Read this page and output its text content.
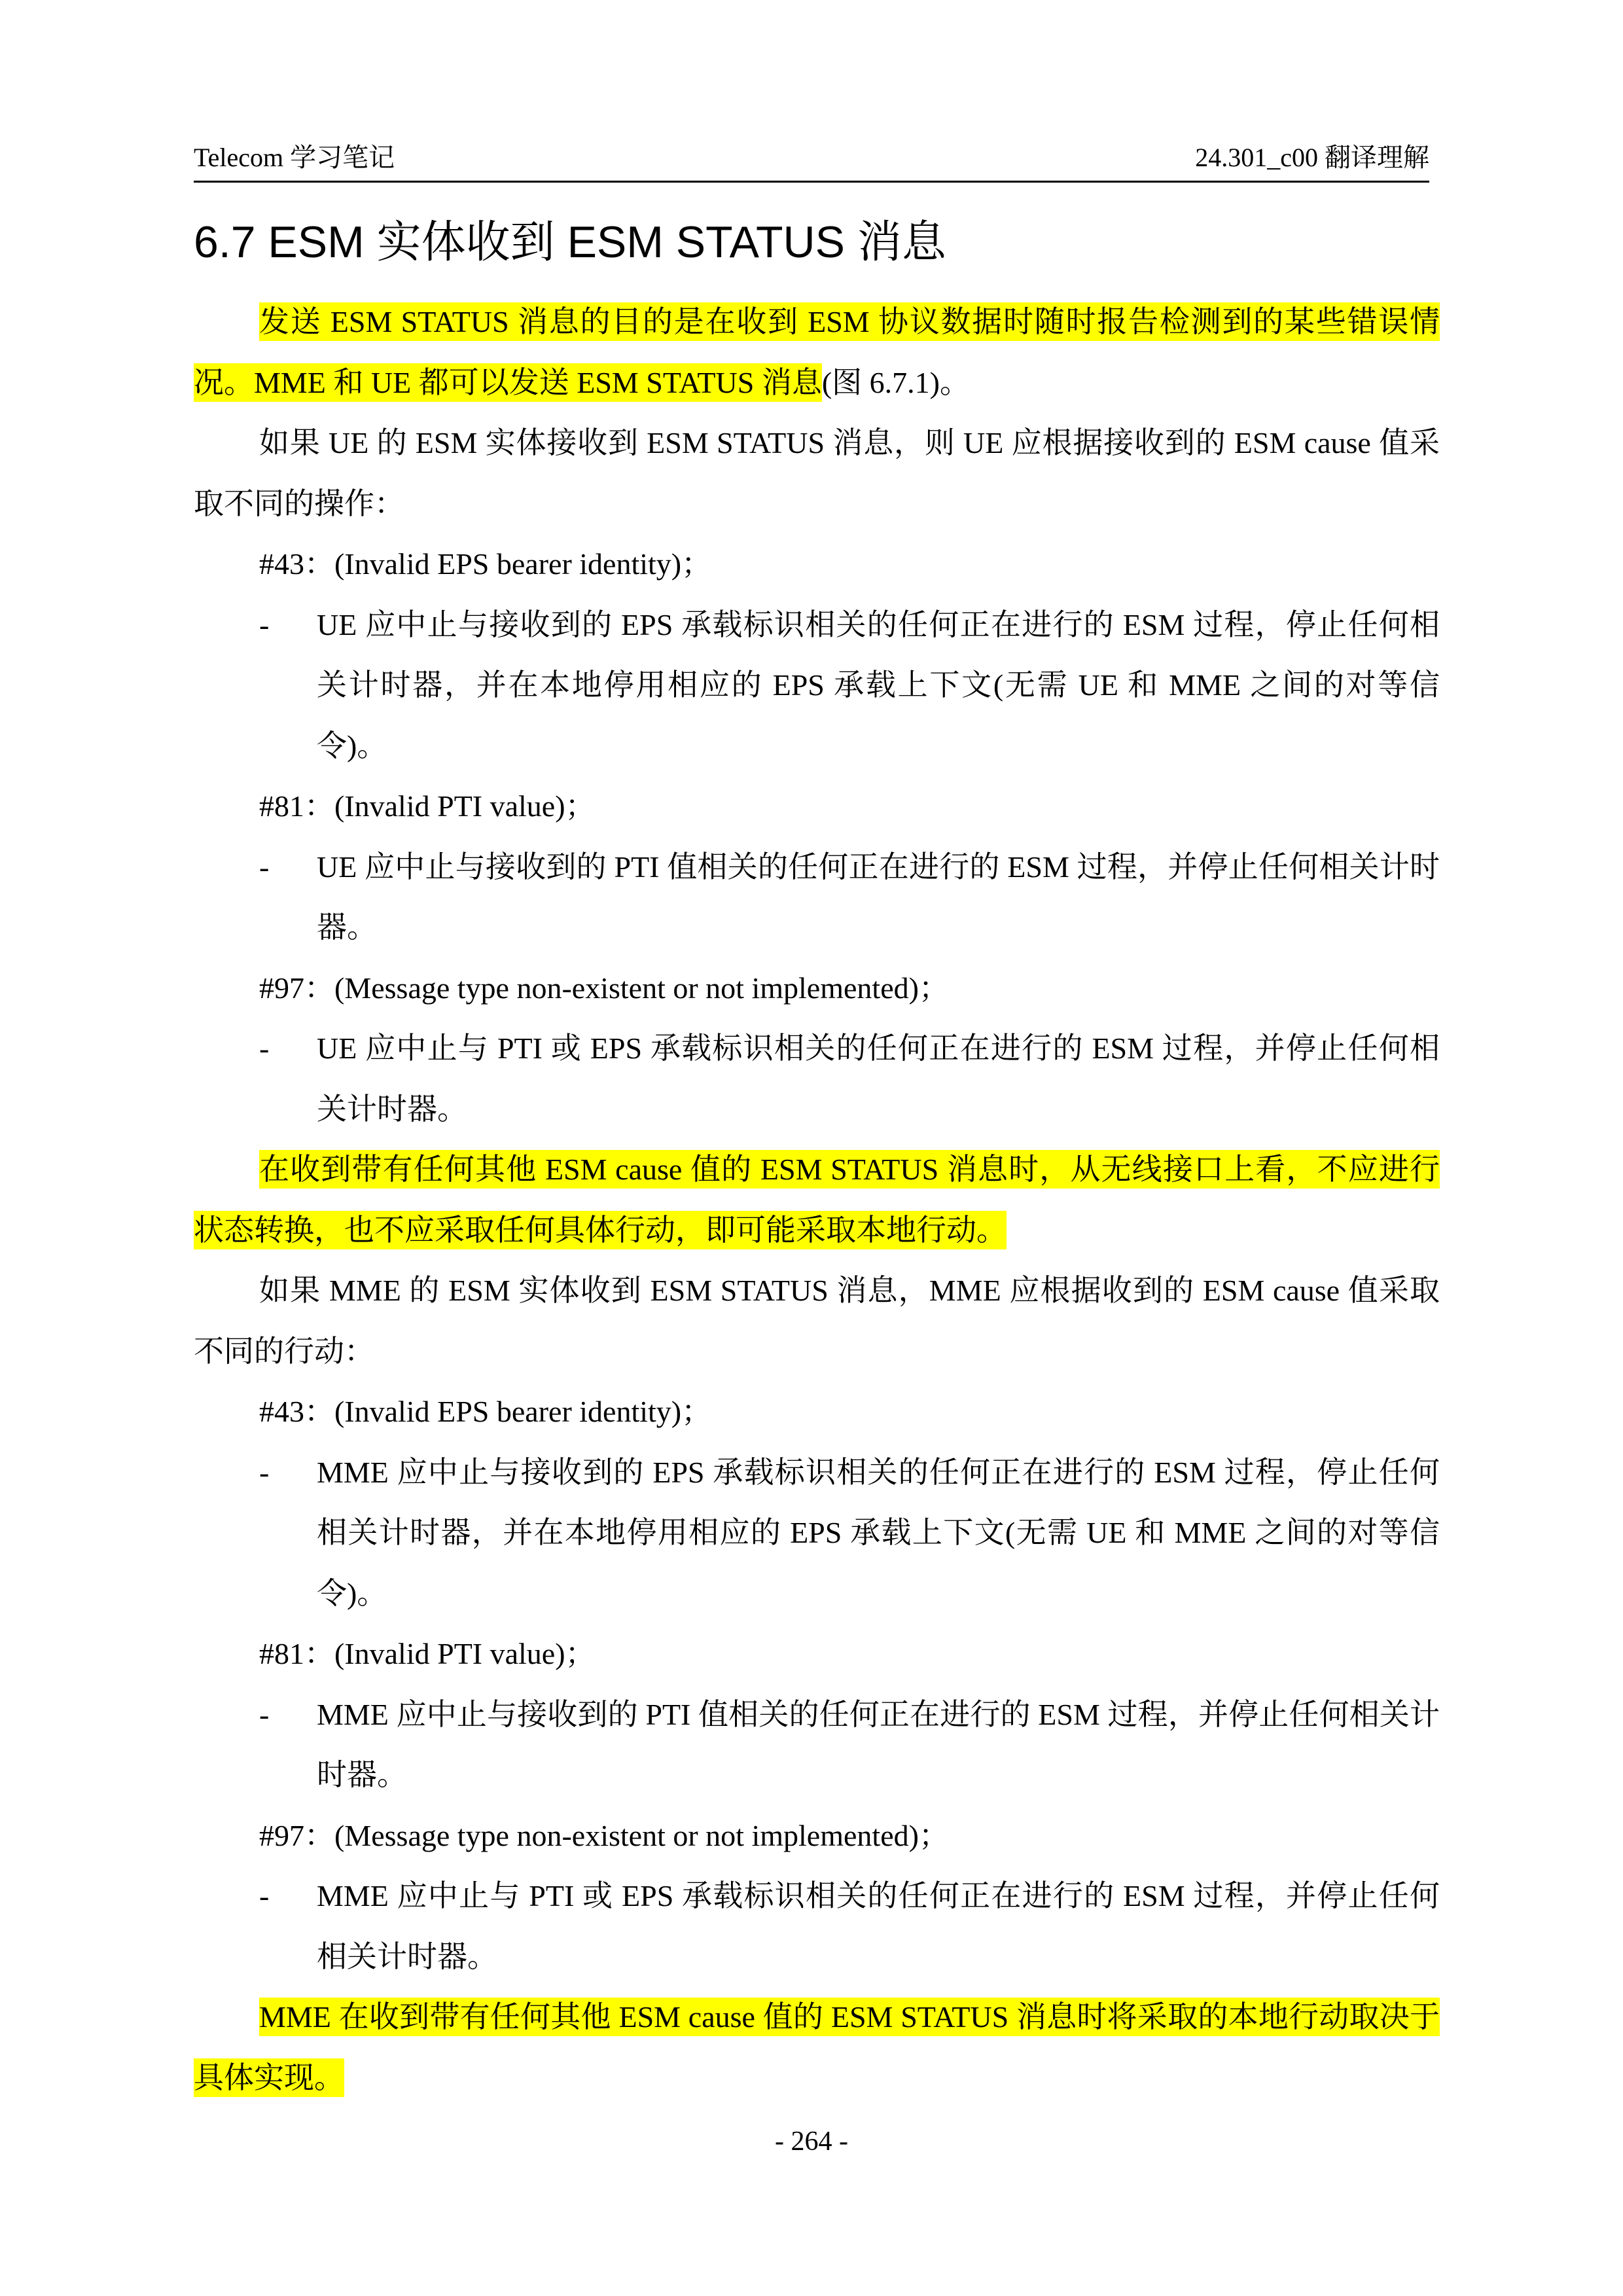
Telecom 学习笔记	24.301_c00 翻译理解
6.7 ESM 实体收到 ESM STATUS 消息

发送 ESM STATUS 消息的目的是在收到 ESM 协议数据时随时报告检测到的某些错误情况。MME 和 UE 都可以发送 ESM STATUS 消息(图 6.7.1)。

如果 UE 的 ESM 实体接收到 ESM STATUS 消息，则 UE 应根据接收到的 ESM cause 值采取不同的操作：

#43：(Invalid EPS bearer identity)；

- UE 应中止与接收到的 EPS 承载标识相关的任何正在进行的 ESM 过程，停止任何相关计时器，并在本地停用相应的 EPS 承载上下文(无需 UE 和 MME 之间的对等信令)。

#81：(Invalid PTI value)；

- UE 应中止与接收到的 PTI 值相关的任何正在进行的 ESM 过程，并停止任何相关计时器。

#97：(Message type non-existent or not implemented)；

- UE 应中止与 PTI 或 EPS 承载标识相关的任何正在进行的 ESM 过程，并停止任何相关计时器。

在收到带有任何其他 ESM cause 值的 ESM STATUS 消息时，从无线接口上看，不应进行状态转换，也不应采取任何具体行动，即可能采取本地行动。

如果 MME 的 ESM 实体收到 ESM STATUS 消息，MME 应根据收到的 ESM cause 值采取不同的行动：

#43：(Invalid EPS bearer identity)；

- MME 应中止与接收到的 EPS 承载标识相关的任何正在进行的 ESM 过程，停止任何相关计时器，并在本地停用相应的 EPS 承载上下文(无需 UE 和 MME 之间的对等信令)。

#81：(Invalid PTI value)；

- MME 应中止与接收到的 PTI 值相关的任何正在进行的 ESM 过程，并停止任何相关计时器。

#97：(Message type non-existent or not implemented)；

- MME 应中止与 PTI 或 EPS 承载标识相关的任何正在进行的 ESM 过程，并停止任何相关计时器。

MME 在收到带有任何其他 ESM cause 值的 ESM STATUS 消息时将采取的本地行动取决于具体实现。

- 264 -
